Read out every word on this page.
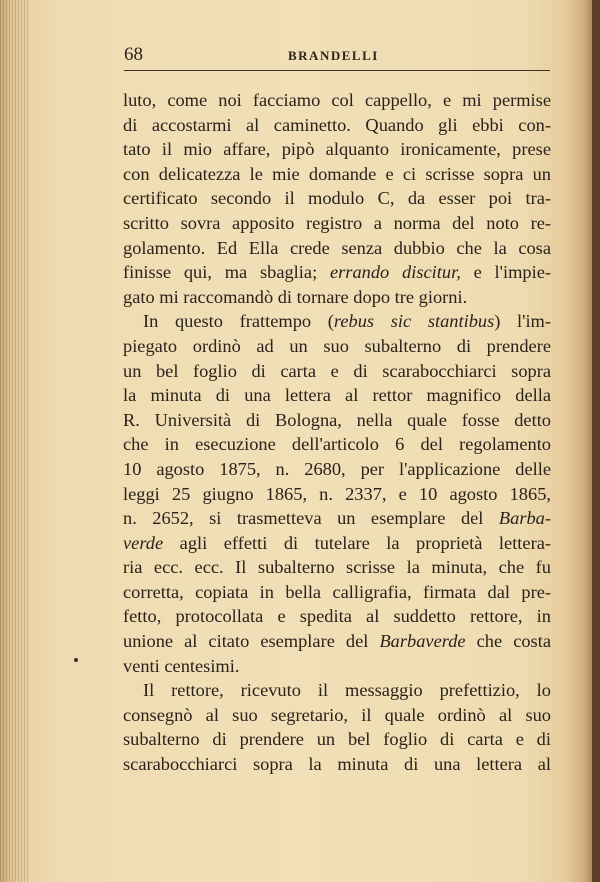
68	BRANDELLI
luto, come noi facciamo col cappello, e mi permise
di accostarmi al caminetto. Quando gli ebbi con-
tato il mio affare, pipò alquanto ironicamente, prese
con delicatezza le mie domande e ci scrisse sopra un
certificato secondo il modulo C, da esser poi tra-
scritto sovra apposito registro a norma del noto re-
golamento. Ed Ella crede senza dubbio che la cosa
finisse qui, ma sbaglia; errando discitur, e l'impie-
gato mi raccomandò di tornare dopo tre giorni.
In questo frattempo (rebus sic stantibus) l'im-
piegato ordinò ad un suo subalterno di prendere
un bel foglio di carta e di scarabocchiarci sopra
la minuta di una lettera al rettor magnifico della
R. Università di Bologna, nella quale fosse detto
che in esecuzione dell'articolo 6 del regolamento
10 agosto 1875, n. 2680, per l'applicazione delle
leggi 25 giugno 1865, n. 2337, e 10 agosto 1865,
n. 2652, si trasmetteva un esemplare del Barba-
verde agli effetti di tutelare la proprietà lettera-
ria ecc. ecc. Il subalterno scrisse la minuta, che fu
corretta, copiata in bella calligrafia, firmata dal pre-
fetto, protocollata e spedita al suddetto rettore, in
unione al citato esemplare del Barbaverde che costa
venti centesimi.
Il rettore, ricevuto il messaggio prefettizio, lo
consegnò al suo segretario, il quale ordinò al suo
subalterno di prendere un bel foglio di carta e di
scarabocchiarci sopra la minuta di una lettera al
